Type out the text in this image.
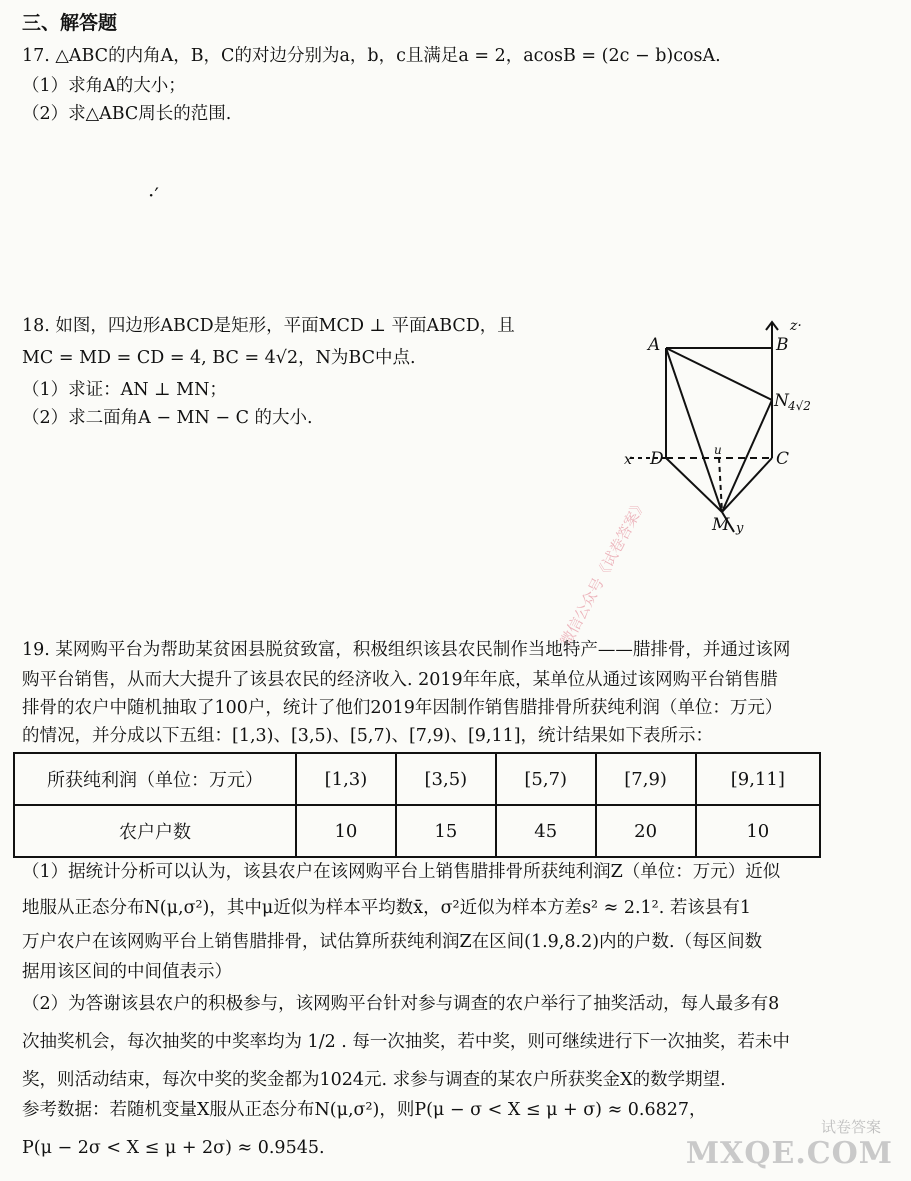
三、解答题
17. △ABC的内角A，B，C的对边分别为a，b，c且满足a = 2，acosB = (2c − b)cosA.
（1）求角A的大小；
（2）求△ABC周长的范围.
·′
18. 如图，四边形ABCD是矩形，平面MCD ⊥ 平面ABCD，且
MC = MD = CD = 4, BC = 4√2，N为BC中点.
（1）求证：AN ⊥ MN；
（2）求二面角A − MN − C 的大小.
A	B
C
D
M
N
z·
x
4√2
u
y
微信公众号《试卷答案》
19. 某网购平台为帮助某贫困县脱贫致富，积极组织该县农民制作当地特产——腊排骨，并通过该网
购平台销售，从而大大提升了该县农民的经济收入. 2019年年底，某单位从通过该网购平台销售腊
排骨的农户中随机抽取了100户，统计了他们2019年因制作销售腊排骨所获纯利润（单位：万元）
的情况，并分成以下五组：[1,3)、[3,5)、[5,7)、[7,9)、[9,11]，统计结果如下表所示：
所获纯利润（单位：万元）	[1,3)	[3,5)	[5,7)	[7,9)	[9,11]
农户户数	10	15	45	20	10
（1）据统计分析可以认为，该县农户在该网购平台上销售腊排骨所获纯利润Z（单位：万元）近似
地服从正态分布N(μ,σ²)，其中μ近似为样本平均数x̄，σ²近似为样本方差s² ≈ 2.1². 若该县有1
万户农户在该网购平台上销售腊排骨，试估算所获纯利润Z在区间(1.9,8.2)内的户数.（每区间数
据用该区间的中间值表示）
（2）为答谢该县农户的积极参与，该网购平台针对参与调查的农户举行了抽奖活动，每人最多有8
次抽奖机会，每次抽奖的中奖率均为 1/2 . 每一次抽奖，若中奖，则可继续进行下一次抽奖，若未中
奖，则活动结束，每次中奖的奖金都为1024元. 求参与调查的某农户所获奖金X的数学期望.
参考数据：若随机变量X服从正态分布N(μ,σ²)，则P(μ − σ < X ≤ μ + σ) ≈ 0.6827，
P(μ − 2σ < X ≤ μ + 2σ) ≈ 0.9545.
试卷答案
MXQE.COM
